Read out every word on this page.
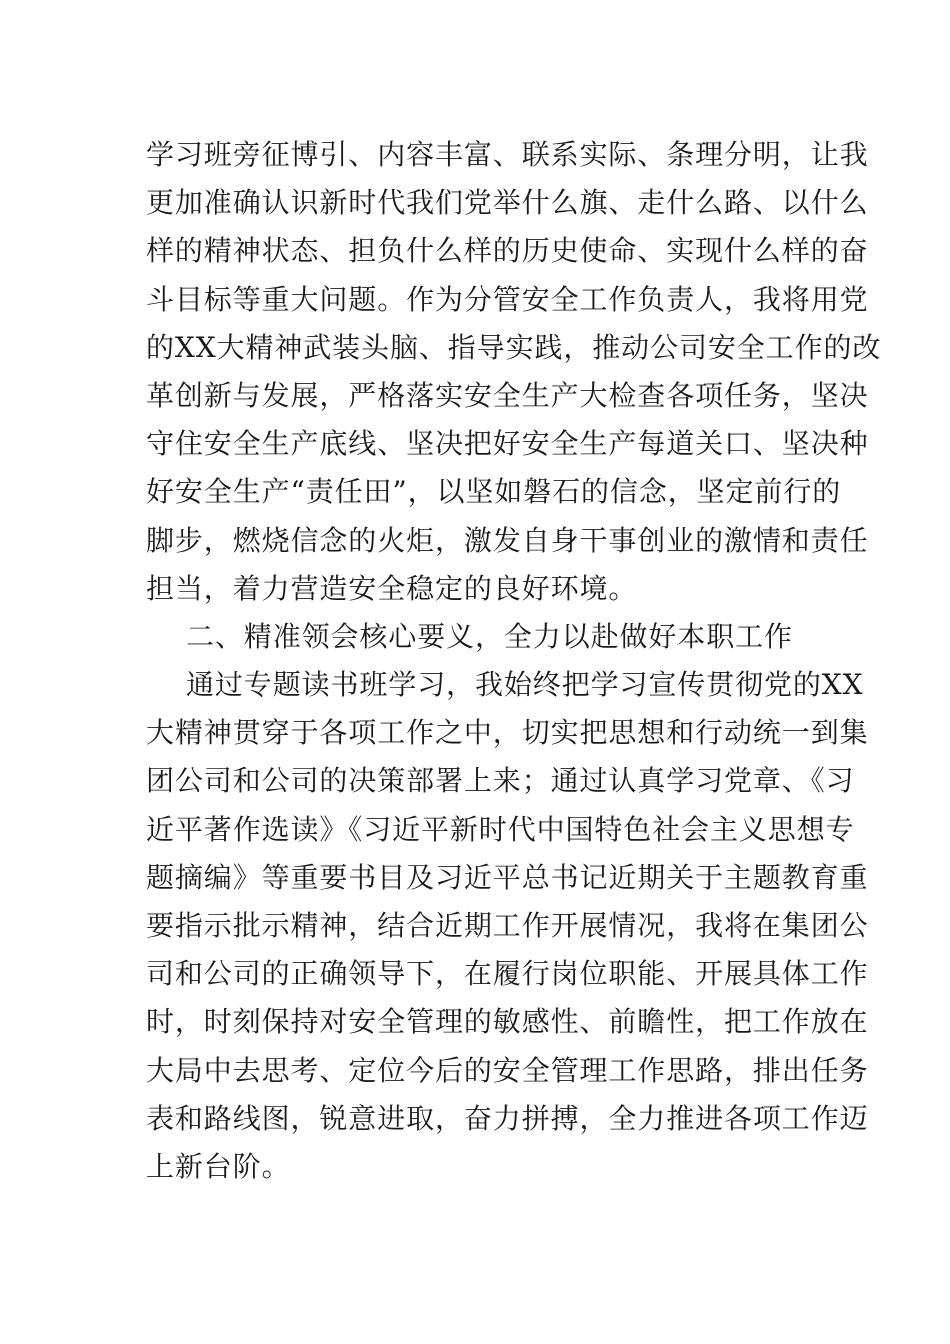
学习班旁征博引、内容丰富、联系实际、条理分明，让我
更加准确认识新时代我们党举什么旗、走什么路、以什么
样的精神状态、担负什么样的历史使命、实现什么样的奋
斗目标等重大问题。作为分管安全工作负责人，我将用党
的XX大精神武装头脑、指导实践，推动公司安全工作的改
革创新与发展，严格落实安全生产大检查各项任务，坚决
守住安全生产底线、坚决把好安全生产每道关口、坚决种
好安全生产“责任田”，以坚如磐石的信念，坚定前行的
脚步，燃烧信念的火炬，激发自身干事创业的激情和责任
担当，着力营造安全稳定的良好环境。
二、精准领会核心要义，全力以赴做好本职工作
通过专题读书班学习，我始终把学习宣传贯彻党的XX
大精神贯穿于各项工作之中，切实把思想和行动统一到集
团公司和公司的决策部署上来；通过认真学习党章、《习
近平著作选读》《习近平新时代中国特色社会主义思想专
题摘编》等重要书目及习近平总书记近期关于主题教育重
要指示批示精神，结合近期工作开展情况，我将在集团公
司和公司的正确领导下，在履行岗位职能、开展具体工作
时，时刻保持对安全管理的敏感性、前瞻性，把工作放在
大局中去思考、定位今后的安全管理工作思路，排出任务
表和路线图，锐意进取，奋力拼搏，全力推进各项工作迈
上新台阶。
